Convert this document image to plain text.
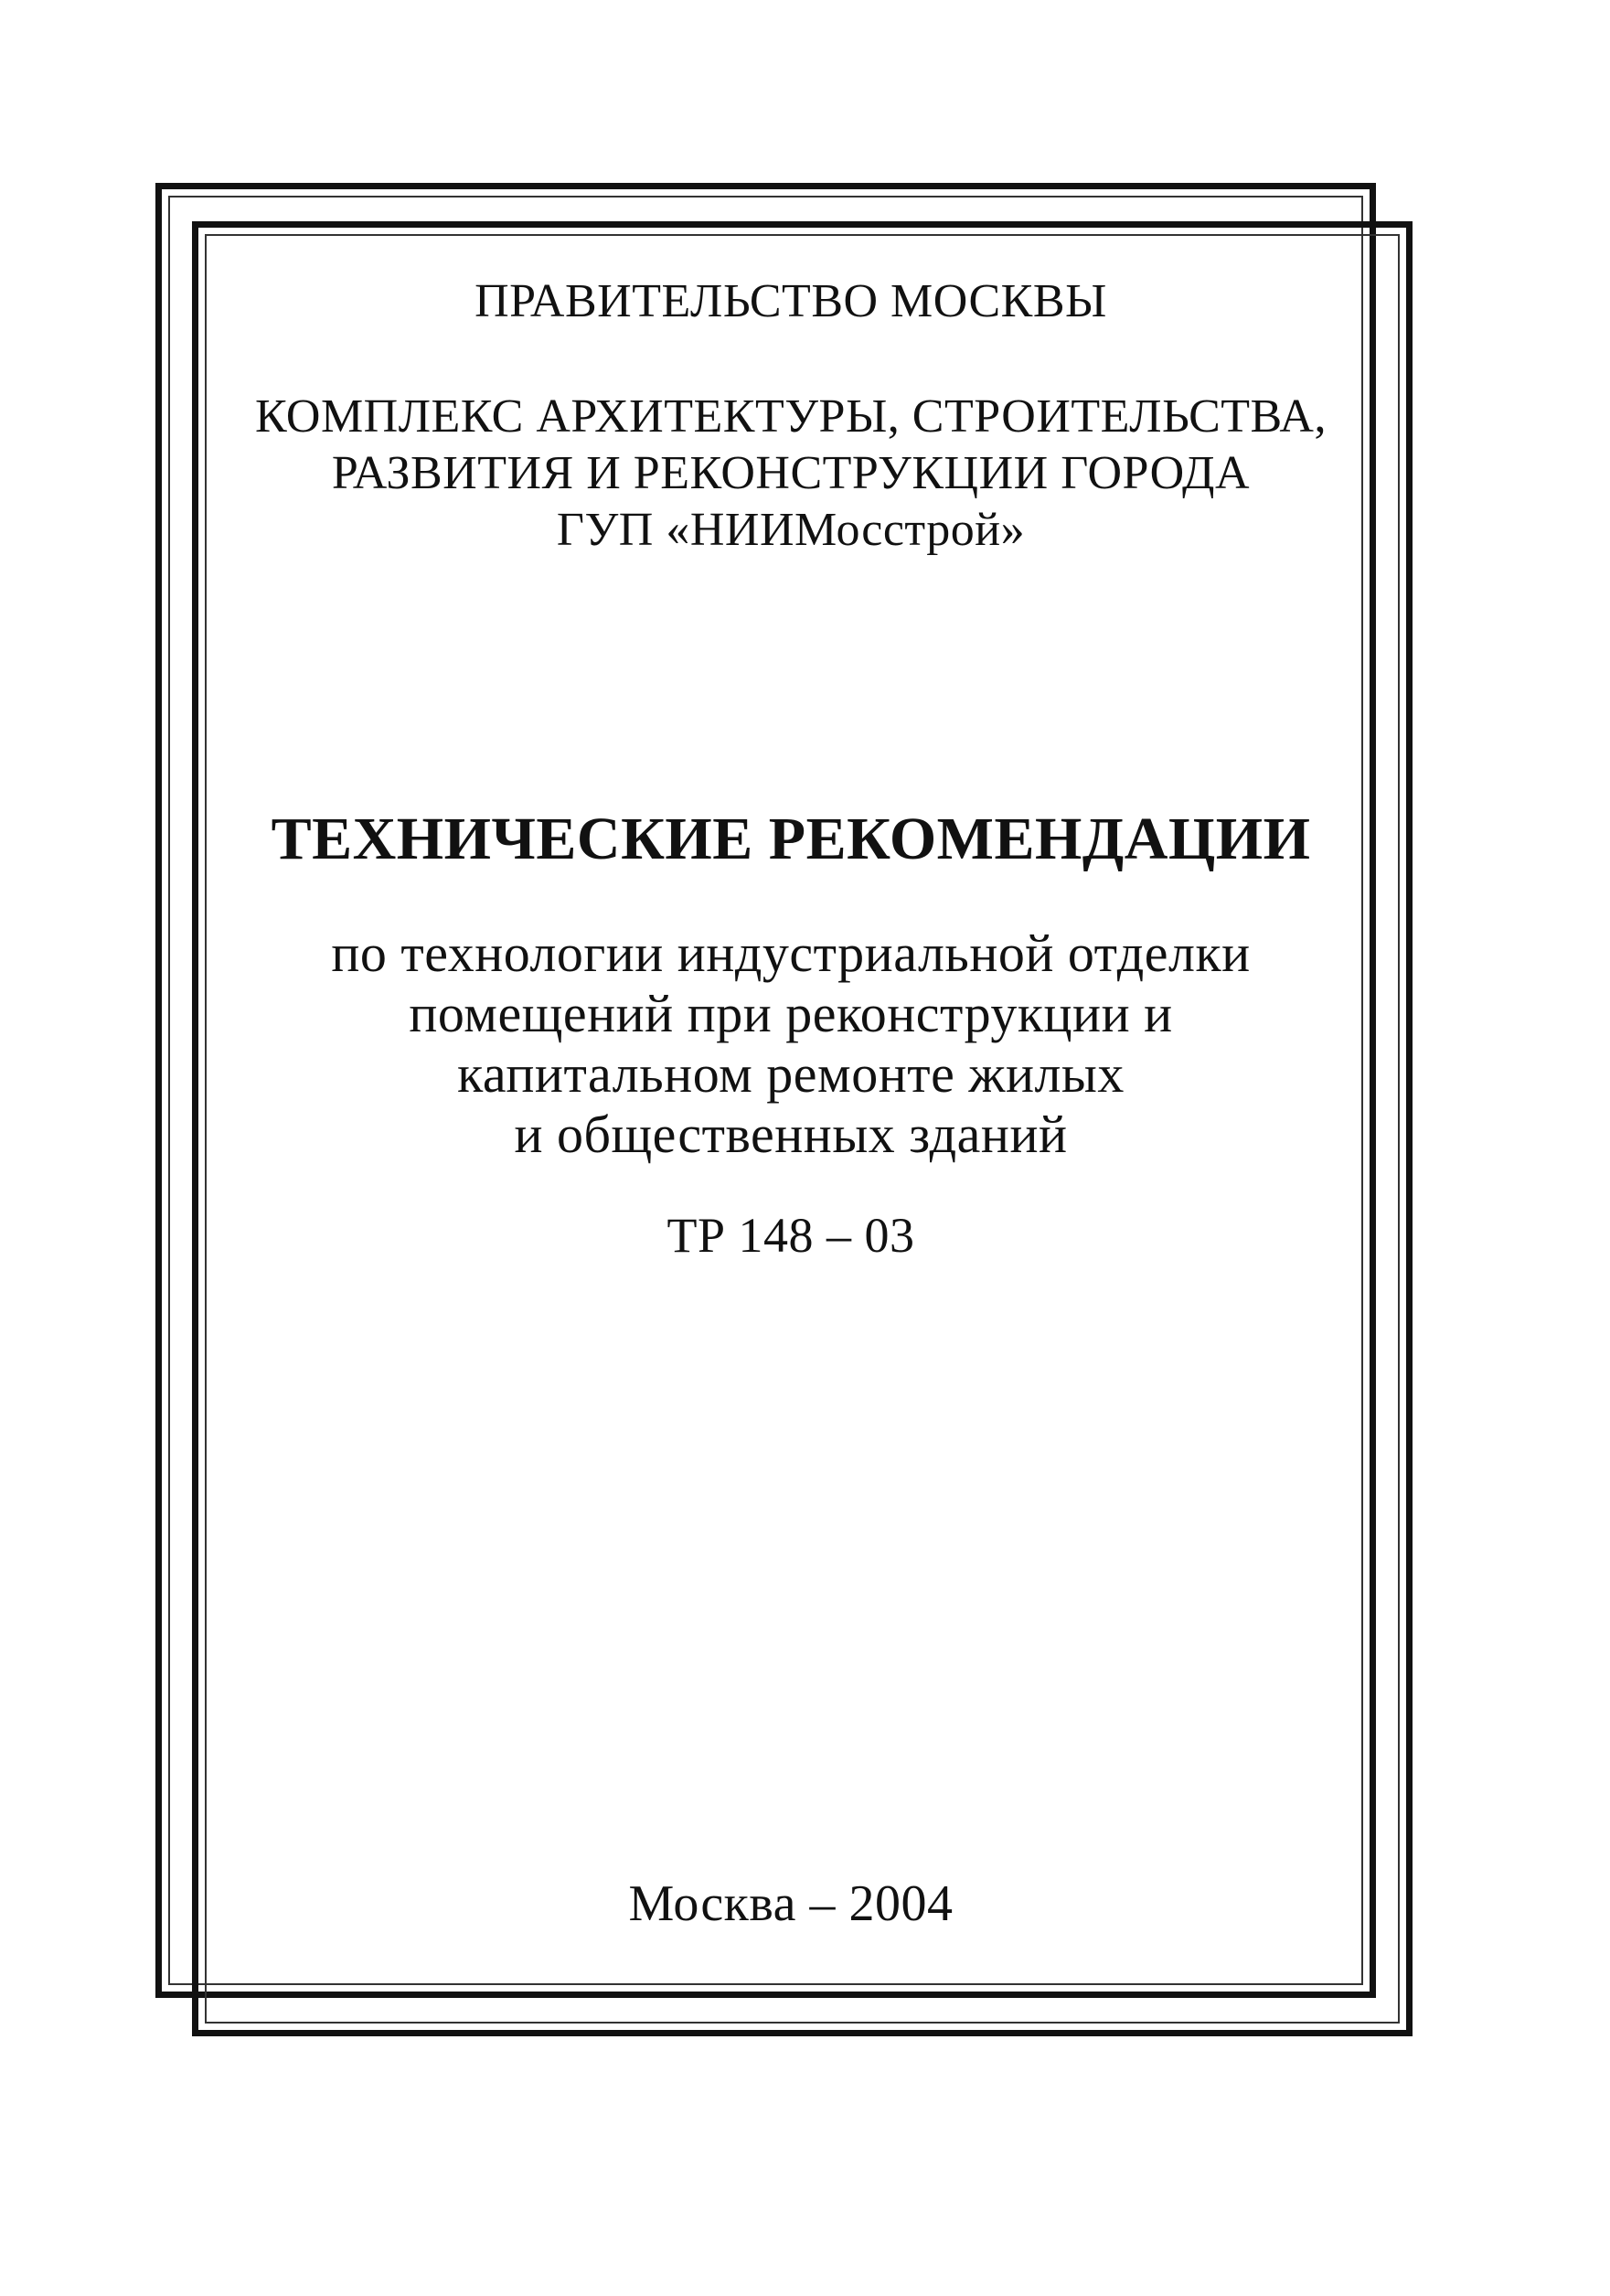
ПРАВИТЕЛЬСТВО МОСКВЫ
КОМПЛЕКС АРХИТЕКТУРЫ, СТРОИТЕЛЬСТВА,
РАЗВИТИЯ И РЕКОНСТРУКЦИИ ГОРОДА
ГУП «НИИМосстрой»
ТЕХНИЧЕСКИЕ РЕКОМЕНДАЦИИ
по технологии индустриальной отделки
помещений при реконструкции и
капитальном ремонте жилых
и общественных зданий
ТР 148 – 03
Москва – 2004
